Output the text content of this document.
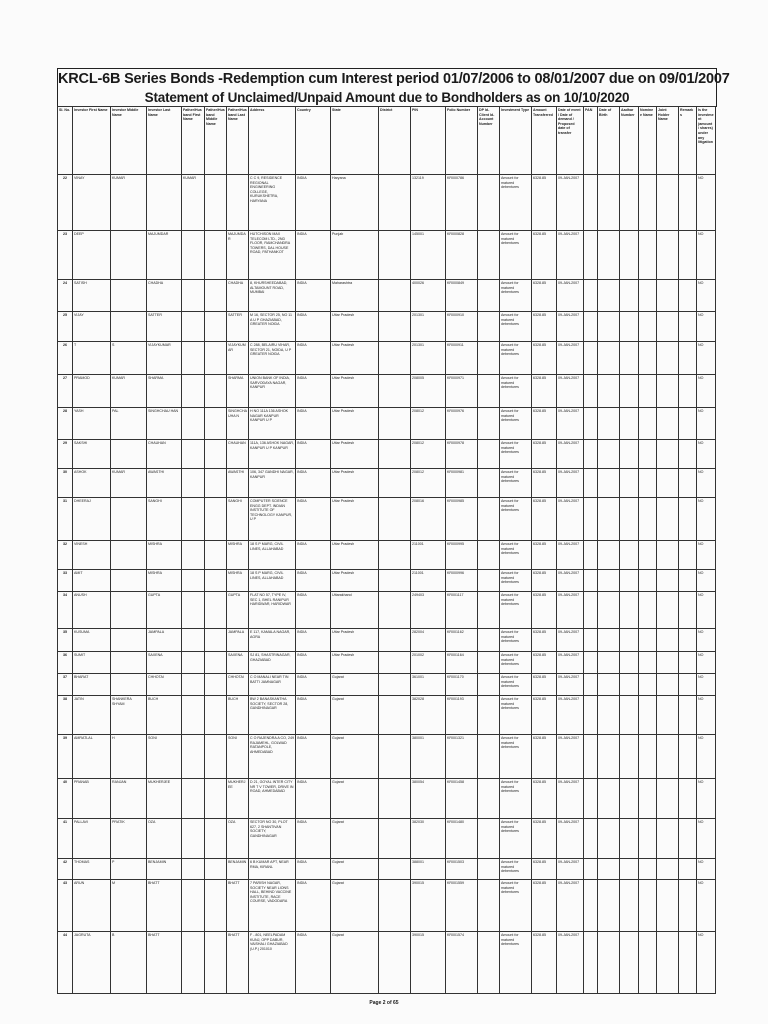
KRCL-6B Series Bonds -Redemption cum Interest period 01/07/2006 to 08/01/2007 due on 09/01/2007
Statement of Unclaimed/Unpaid Amount due to Bondholders as on 10/10/2020
Sl. No.	Investor First Name	Investor Middle Name	Investor Last Name	Father/Husband First Name	Father/Husband Middle Name	Father/Husband Last Name	Address	Country	State	District	PIN	Folio Number	DP Id-Client Id-Account Number	Investment Type	Amount Transferred	Date of event / Date of demand / Proposed date of transfer	PAN	Date of Birth	Aadhar Number	Nominee Name	Joint Holder Name	Remarks	Is the investment (amount / shares) under any litigation
22	VINAY	KUMAR		KUMAR			C C 9, RESIDENCE REGIONAL ENGINEERING COLLEGE, KURUKSHETRA, HARYANA	INDIA	Haryana		132119	KR000786		Amount for matured debentures	6328.85	09-JAN-2007							NO
23	DEEP		MAJUMDAR			MAJUMDAR	HUTCHISON MAX TELECOM LTD., 2ND FLOOR, RAMCHANDRA TOWERS, DAL HOUSE ROAD, PATHANKOT	INDIA	Punjab		145001	KR000828		Amount for matured debentures	6328.85	09-JAN-2007							NO
24	SATISH		CHADHA			CHADHA	8, KHURSHEEDABAD, ALTAMOUNT ROAD, MUMBAI	INDIA	Maharashtra		400026	KR000849		Amount for matured debentures	6328.85	09-JAN-2007							NO
25	VIJAY		SATTER			SATTER	M 16, SECTOR 25, NO 11 A U P GHAZIABAD, GREATER NOIDA	INDIA	Uttar Pradesh		201301	KR000910		Amount for matured debentures	6328.85	09-JAN-2007							NO
26	T	S	VIJAYKUMAR			VIJAYKUMAR	C 288, BELAIRU VIHAR, SECTOR 21, NOIDA, U P GREATER NOIDA	INDIA	Uttar Pradesh		201301	KR000911		Amount for matured debentures	6328.85	09-JAN-2007							NO
27	PRAMOD	KUMAR	SHARMA			SHARMA	UNION BANK OF INDIA, SARVODAYA NAGAR, KANPUR	INDIA	Uttar Pradesh		208005	KR000971		Amount for matured debentures	6328.85	09-JAN-2007							NO
28	YASH	PAL	SINGHCHAU HAN			SINGHCHAUHA N	H NO 111A 136 ASHOK NAGAR KANPUR KANPUR U P	INDIA	Uttar Pradesh		208012	KR000976		Amount for matured debentures	6328.85	09-JAN-2007							NO
29	SAKSHI		CHAUHAN			CHAUHAN	111A, 136 ASHOK NAGAR, KANPUR U P KANPUR	INDIA	Uttar Pradesh		208012	KR000978		Amount for matured debentures	6328.85	09-JAN-2007							NO
30	ASHOK	KUMAR	AWASTHI			AWASTHI	106, 347 GANDHI NAGAR, KANPUR	INDIA	Uttar Pradesh		208012	KR000981		Amount for matured debentures	6328.85	09-JAN-2007							NO
31	DHEERAJ		SANGHI			SANGHI	COMPUTER SCIENCE ENGG DEPT. INDIAN INSTITUTE OF TECHNOLOGY KANPUR, U P	INDIA	Uttar Pradesh		208016	KR000985		Amount for matured debentures	6328.85	09-JAN-2007							NO
32	VINESH		MISHRA			MISHRA	18 S P MARG, CIVIL LINES, ALLAHABAD	INDIA	Uttar Pradesh		211001	KR000995		Amount for matured debentures	6328.85	09-JAN-2007							NO
33	AMIT		MISHRA			MISHRA	18 S P MARG, CIVIL LINES, ALLAHABAD	INDIA	Uttar Pradesh		211001	KR000996		Amount for matured debentures	6328.85	09-JAN-2007							NO
34	ANUSH		GUPTA			GUPTA	FLAT NO 57, TYPE IV, SEC 1, BHEL RANIPUR HARIDWAR, HARIDWAR	INDIA	Uttarakhand		249403	KR001117		Amount for matured debentures	6328.85	09-JAN-2007							NO
35	KUSUMA		JAMPALA			JAMPALA	E 117, KAMALA NAGAR, AGRA	INDIA	Uttar Pradesh		282004	KR001162		Amount for matured debentures	6328.85	09-JAN-2007							NO
36	SUMIT		SAXENA			SAXENA	SJ 81, SHASTRINAGAR, GHAZIABAD	INDIA	Uttar Pradesh		201002	KR001164		Amount for matured debentures	6328.85	09-JAN-2007							NO
37	BHARAT		CHHOTAI			CHHOTAI	C O MANALI NEAR TIN BATTI JAMNAGAR	INDIA	Gujarat		361001	KR001170		Amount for matured debentures	6328.85	09-JAN-2007							NO
38	JATIN	SHANKERA SHYAM	BUCH			BUCH	BW 2 BANASKANTHA SOCIETY, SECTOR 28, GANDHINAGAR	INDIA	Gujarat		382028	KR001193		Amount for matured debentures	6328.85	09-JAN-2007							NO
39	AMRATLAL	H	SONI			SONI	C O RAJENDRA A CO, 249 RAJAMEHL, GOLWAD RATANPOLE, AHMEDABAD	INDIA	Gujarat		380001	KR001321		Amount for matured debentures	6328.85	09-JAN-2007							NO
40	PRANAB	RANJAN	MUKHERJEE			MUKHERJEE	D 21, GOYAL INTER CITY NR T V TOWER, DRIVE IN ROAD, AHMEDABAD	INDIA	Gujarat		380054	KR001458		Amount for matured debentures	6328.85	09-JAN-2007							NO
41	PALLAVI	PRATIK	OZA			OZA	SECTOR NO 30, PLOT 627, 2 SHANTIVAN SOCIETY, GANDHINAGAR	INDIA	Gujarat		382030	KR001480		Amount for matured debentures	6328.85	09-JAN-2007							NO
42	THOMAS	P	BENJAMIN			BENJAMIN	6 B KUMAR APT, NEAR RMA, KIRANL	INDIA	Gujarat		388001	KR001503		Amount for matured debentures	6328.85	09-JAN-2007							NO
43	ARUN	M	BHATT			BHATT	7 PARISH NAGAR, SOCIETY NEAR LIONS HALL, BEHIND VACCINE INSTITUTE, RACE COURSE, VADODARA	INDIA	Gujarat		390015	KR001559		Amount for matured debentures	6328.85	09-JAN-2007							NO
44	JAGRUTA	B	BHATT			BHATT	F - 801, NEELPADAM KUNJ, OPP DABUR, VAISHALI GHAZIABAD (U.P.) 201010	INDIA	Gujarat		390015	KR001574		Amount for matured debentures	6328.85	09-JAN-2007							NO
Page 2 of 65
